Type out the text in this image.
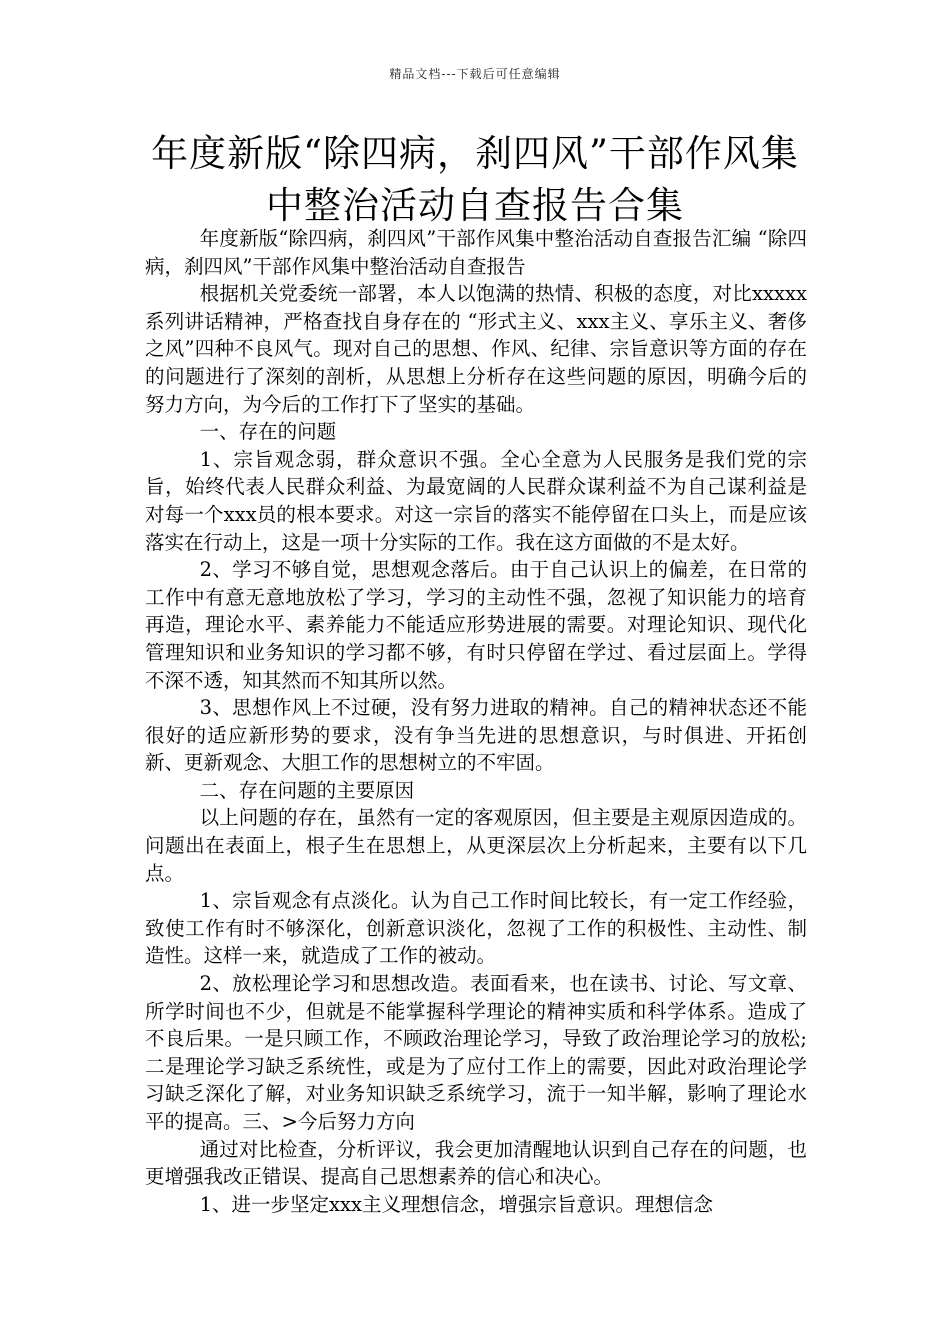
精品文档---下载后可任意编辑
年度新版“除四病，刹四风”干部作风集中整治活动自查报告合集

年度新版“除四病，刹四风”干部作风集中整治活动自查报告汇编 “除四病，刹四风”干部作风集中整治活动自查报告

根据机关党委统一部署，本人以饱满的热情、积极的态度，对比xxxxx系列讲话精神，严格查找自身存在的 “形式主义、xxx主义、享乐主义、奢侈之风”四种不良风气。现对自己的思想、作风、纪律、宗旨意识等方面的存在的问题进行了深刻的剖析，从思想上分析存在这些问题的原因，明确今后的努力方向，为今后的工作打下了坚实的基础。

一、存在的问题

1、宗旨观念弱，群众意识不强。全心全意为人民服务是我们党的宗旨，始终代表人民群众利益、为最宽阔的人民群众谋利益不为自己谋利益是对每一个xxx员的根本要求。对这一宗旨的落实不能停留在口头上，而是应该落实在行动上，这是一项十分实际的工作。我在这方面做的不是太好。

2、学习不够自觉，思想观念落后。由于自己认识上的偏差，在日常的工作中有意无意地放松了学习，学习的主动性不强，忽视了知识能力的培育再造，理论水平、素养能力不能适应形势进展的需要。对理论知识、现代化管理知识和业务知识的学习都不够，有时只停留在学过、看过层面上。学得不深不透，知其然而不知其所以然。

3、思想作风上不过硬，没有努力进取的精神。自己的精神状态还不能很好的适应新形势的要求，没有争当先进的思想意识，与时俱进、开拓创新、更新观念、大胆工作的思想树立的不牢固。

二、存在问题的主要原因

以上问题的存在，虽然有一定的客观原因，但主要是主观原因造成的。问题出在表面上，根子生在思想上，从更深层次上分析起来，主要有以下几点。

1、宗旨观念有点淡化。认为自己工作时间比较长，有一定工作经验，致使工作有时不够深化，创新意识淡化，忽视了工作的积极性、主动性、制造性。这样一来，就造成了工作的被动。

2、放松理论学习和思想改造。表面看来，也在读书、讨论、写文章、所学时间也不少，但就是不能掌握科学理论的精神实质和科学体系。造成了不良后果。一是只顾工作，不顾政治理论学习，导致了政治理论学习的放松;二是理论学习缺乏系统性，或是为了应付工作上的需要，因此对政治理论学习缺乏深化了解，对业务知识缺乏系统学习，流于一知半解，影响了理论水平的提高。三、>今后努力方向

通过对比检查，分析评议，我会更加清醒地认识到自己存在的问题，也更增强我改正错误、提高自己思想素养的信心和决心。

1、进一步坚定xxx主义理想信念，增强宗旨意识。理想信念
